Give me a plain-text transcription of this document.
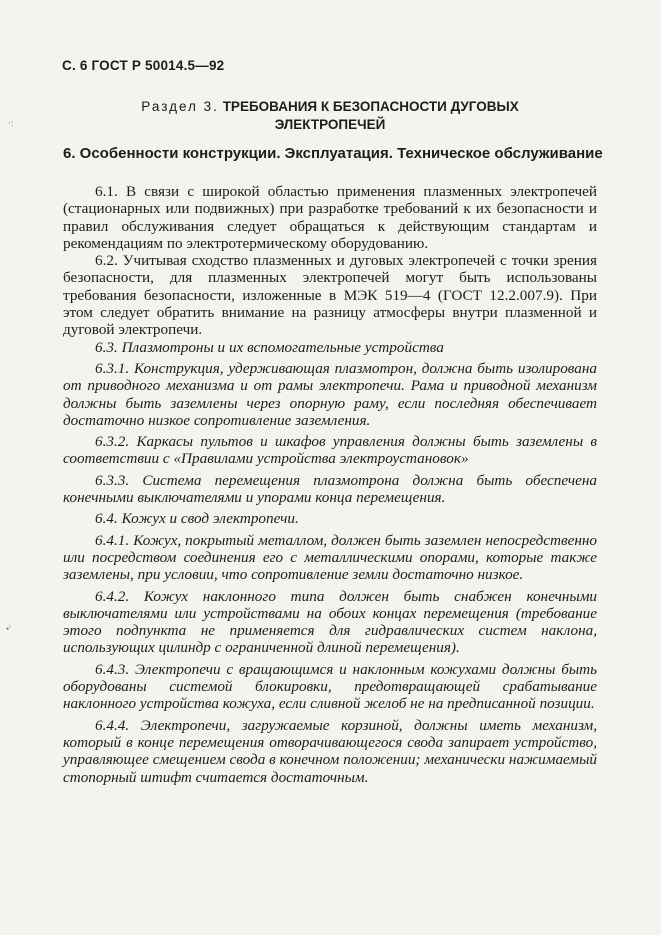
С. 6 ГОСТ Р 50014.5—92
Раздел 3. ТРЕБОВАНИЯ К БЕЗОПАСНОСТИ ДУГОВЫХ
ЭЛЕКТРОПЕЧЕЙ
6. Особенности конструкции. Эксплуатация. Техническое обслуживание

6.1. В связи с широкой областью применения плазменных электропечей (стационарных или подвижных) при разработке требований к их безопасности и правил обслуживания следует обращаться к действующим стандартам и рекомендациям по электротермическому оборудованию.

6.2. Учитывая сходство плазменных и дуговых электропечей с точки зрения безопасности, для плазменных электропечей могут быть использованы требования безопасности, изложенные в МЭК 519—4 (ГОСТ 12.2.007.9). При этом следует обратить внимание на разницу атмосферы внутри плазменной и дуговой электропечи.

6.3. Плазмотроны и их вспомогательные устройства

6.3.1. Конструкция, удерживающая плазмотрон, должна быть изолирована от приводного механизма и от рамы электропечи. Рама и приводной механизм должны быть заземлены через опорную раму, если последняя обеспечивает достаточно низкое сопротивление заземления.

6.3.2. Каркасы пультов и шкафов управления должны быть заземлены в соответствии с «Правилами устройства электроустановок»

6.3.3. Система перемещения плазмотрона должна быть обеспечена конечными выключателями и упорами конца перемещения.

6.4. Кожух и свод электропечи.

6.4.1. Кожух, покрытый металлом, должен быть заземлен непосредственно или посредством соединения его с металлическими опорами, которые также заземлены, при условии, что сопротивление земли достаточно низкое.

6.4.2. Кожух наклонного типа должен быть снабжен конечными выключателями или устройствами на обоих концах перемещения (требование этого подпункта не применяется для гидравлических систем наклона, использующих цилиндр с ограниченной длиной перемещения).

6.4.3. Электропечи с вращающимся и наклонным кожухами должны быть оборудованы системой блокировки, предотвращающей срабатывание наклонного устройства кожуха, если сливной желоб не на предписанной позиции.

6.4.4. Электропечи, загружаемые корзиной, должны иметь механизм, который в конце перемещения отворачивающегося свода запирает устройство, управляющее смещением свода в конечном положении; механически нажимаемый стопорный штифт считается достаточным.

·:
•'
